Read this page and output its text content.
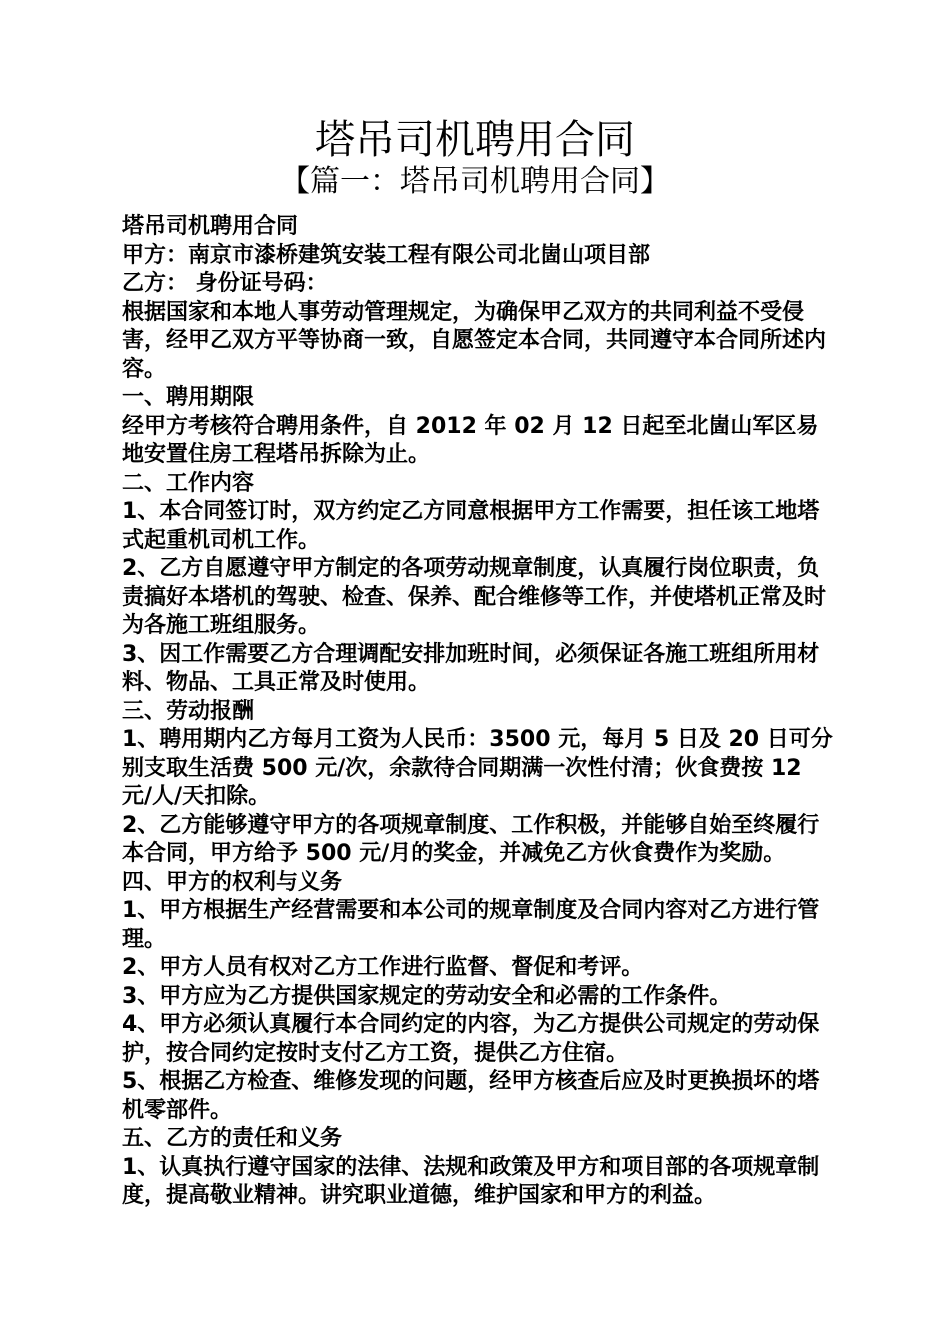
塔吊司机聘用合同
【篇一：塔吊司机聘用合同】

塔吊司机聘用合同

甲方：南京市漆桥建筑安装工程有限公司北崮山项目部

乙方： 身份证号码：

根据国家和本地人事劳动管理规定，为确保甲乙双方的共同利益不受侵害，经甲乙双方平等协商一致，自愿签定本合同，共同遵守本合同所述内容。

一、聘用期限

经甲方考核符合聘用条件，自 2012 年 02 月 12 日起至北崮山军区易地安置住房工程塔吊拆除为止。

二、工作内容

1、本合同签订时，双方约定乙方同意根据甲方工作需要，担任该工地塔式起重机司机工作。

2、乙方自愿遵守甲方制定的各项劳动规章制度，认真履行岗位职责，负责搞好本塔机的驾驶、检查、保养、配合维修等工作，并使塔机正常及时为各施工班组服务。

3、因工作需要乙方合理调配安排加班时间，必须保证各施工班组所用材料、物品、工具正常及时使用。

三、劳动报酬

1、聘用期内乙方每月工资为人民币：3500 元，每月 5 日及 20 日可分别支取生活费 500 元/次，余款待合同期满一次性付清；伙食费按 12 元/人/天扣除。

2、乙方能够遵守甲方的各项规章制度、工作积极，并能够自始至终履行本合同，甲方给予 500 元/月的奖金，并减免乙方伙食费作为奖励。

四、甲方的权利与义务

1、甲方根据生产经营需要和本公司的规章制度及合同内容对乙方进行管理。

2、甲方人员有权对乙方工作进行监督、督促和考评。

3、甲方应为乙方提供国家规定的劳动安全和必需的工作条件。

4、甲方必须认真履行本合同约定的内容，为乙方提供公司规定的劳动保护，按合同约定按时支付乙方工资，提供乙方住宿。

5、根据乙方检查、维修发现的问题，经甲方核查后应及时更换损坏的塔机零部件。

五、乙方的责任和义务

1、认真执行遵守国家的法律、法规和政策及甲方和项目部的各项规章制度，提高敬业精神。讲究职业道德，维护国家和甲方的利益。
